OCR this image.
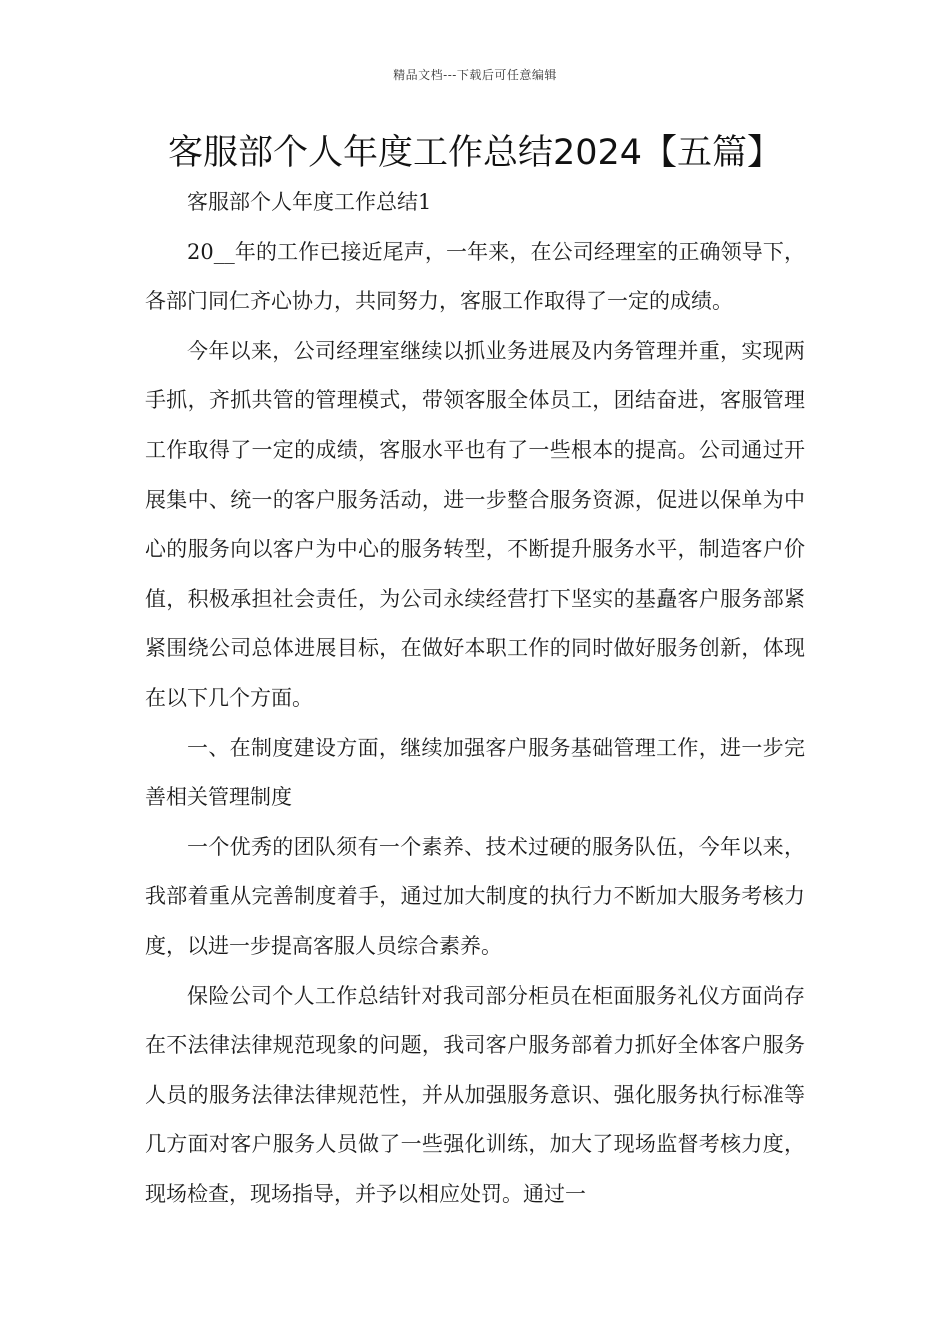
精品文档---下载后可任意编辑
客服部个人年度工作总结2024【五篇】

客服部个人年度工作总结1

20__年的工作已接近尾声，一年来，在公司经理室的正确领导下，各部门同仁齐心协力，共同努力，客服工作取得了一定的成绩。

今年以来，公司经理室继续以抓业务进展及内务管理并重，实现两手抓，齐抓共管的管理模式，带领客服全体员工，团结奋进，客服管理工作取得了一定的成绩，客服水平也有了一些根本的提高。公司通过开展集中、统一的客户服务活动，进一步整合服务资源，促进以保单为中心的服务向以客户为中心的服务转型，不断提升服务水平，制造客户价值，积极承担社会责任，为公司永续经营打下坚实的基矗客户服务部紧紧围绕公司总体进展目标，在做好本职工作的同时做好服务创新，体现在以下几个方面。

一、在制度建设方面，继续加强客户服务基础管理工作，进一步完善相关管理制度

一个优秀的团队须有一个素养、技术过硬的服务队伍，今年以来，我部着重从完善制度着手，通过加大制度的执行力不断加大服务考核力度，以进一步提高客服人员综合素养。

保险公司个人工作总结针对我司部分柜员在柜面服务礼仪方面尚存在不法律法律规范现象的问题，我司客户服务部着力抓好全体客户服务人员的服务法律法律规范性，并从加强服务意识、强化服务执行标准等几方面对客户服务人员做了一些强化训练，加大了现场监督考核力度，现场检查，现场指导，并予以相应处罚。通过一
